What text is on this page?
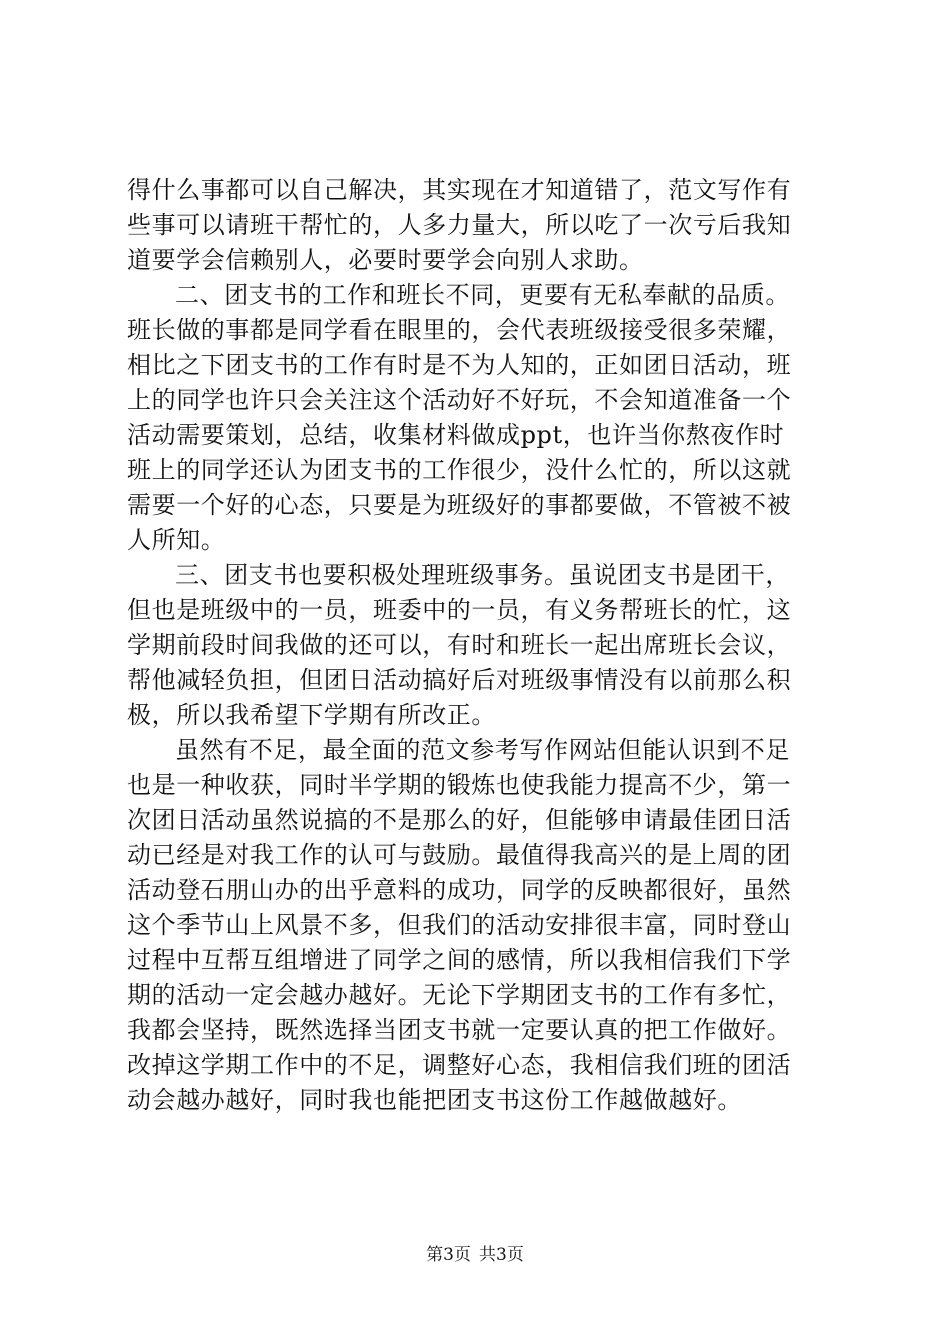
得什么事都可以自己解决，其实现在才知道错了，范文写作有
些事可以请班干帮忙的，人多力量大，所以吃了一次亏后我知
道要学会信赖别人，必要时要学会向别人求助。

二、团支书的工作和班长不同，更要有无私奉献的品质。
班长做的事都是同学看在眼里的，会代表班级接受很多荣耀，
相比之下团支书的工作有时是不为人知的，正如团日活动，班
上的同学也许只会关注这个活动好不好玩，不会知道准备一个
活动需要策划，总结，收集材料做成ppt，也许当你熬夜作时
班上的同学还认为团支书的工作很少，没什么忙的，所以这就
需要一个好的心态，只要是为班级好的事都要做，不管被不被
人所知。

三、团支书也要积极处理班级事务。虽说团支书是团干，
但也是班级中的一员，班委中的一员，有义务帮班长的忙，这
学期前段时间我做的还可以，有时和班长一起出席班长会议，
帮他减轻负担，但团日活动搞好后对班级事情没有以前那么积
极，所以我希望下学期有所改正。

虽然有不足，最全面的范文参考写作网站但能认识到不足
也是一种收获，同时半学期的锻炼也使我能力提高不少，第一
次团日活动虽然说搞的不是那么的好，但能够申请最佳团日活
动已经是对我工作的认可与鼓励。最值得我高兴的是上周的团
活动登石朋山办的出乎意料的成功，同学的反映都很好，虽然
这个季节山上风景不多，但我们的活动安排很丰富，同时登山
过程中互帮互组增进了同学之间的感情，所以我相信我们下学
期的活动一定会越办越好。无论下学期团支书的工作有多忙，
我都会坚持，既然选择当团支书就一定要认真的把工作做好。
改掉这学期工作中的不足，调整好心态，我相信我们班的团活
动会越办越好，同时我也能把团支书这份工作越做越好。

第3页 共3页
